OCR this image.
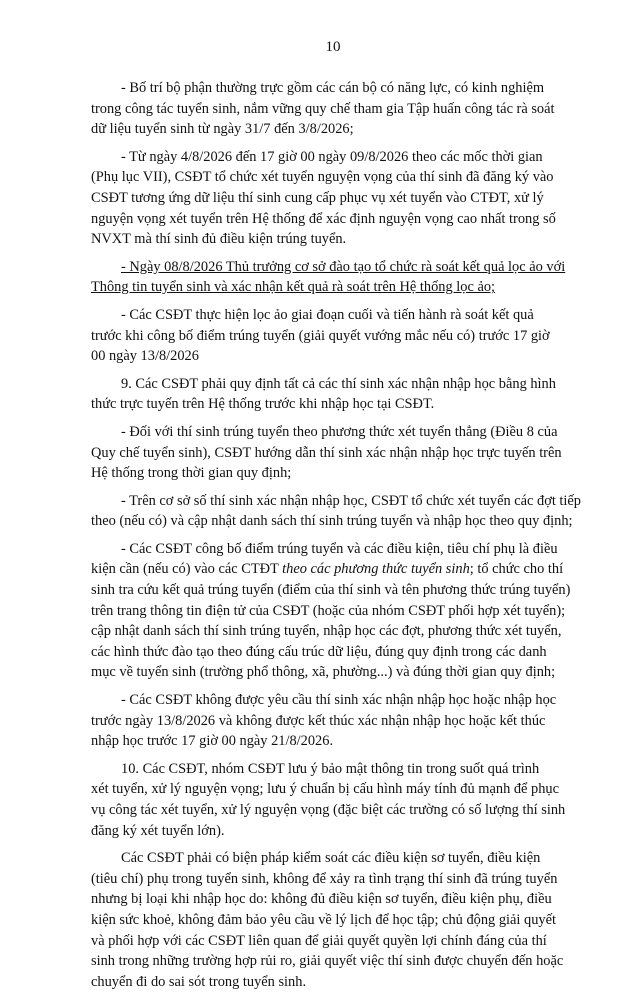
10

- Bố trí bộ phận thường trực gồm các cán bộ có năng lực, có kinh nghiệm
trong công tác tuyển sinh, nắm vững quy chế tham gia Tập huấn công tác rà soát
dữ liệu tuyển sinh từ ngày 31/7 đến 3/8/2026;

- Từ ngày 4/8/2026 đến 17 giờ 00 ngày 09/8/2026 theo các mốc thời gian
(Phụ lục VII), CSĐT tổ chức xét tuyển nguyện vọng của thí sinh đã đăng ký vào
CSĐT tương ứng dữ liệu thí sinh cung cấp phục vụ xét tuyển vào CTĐT, xử lý
nguyện vọng xét tuyển trên Hệ thống để xác định nguyện vọng cao nhất trong số
NVXT mà thí sinh đủ điều kiện trúng tuyển.

- Ngày 08/8/2026 Thủ trưởng cơ sở đào tạo tổ chức rà soát kết quả lọc ảo với
Thông tin tuyển sinh và xác nhận kết quả rà soát trên Hệ thống lọc ảo;

- Các CSĐT thực hiện lọc ảo giai đoạn cuối và tiến hành rà soát kết quả
trước khi công bố điểm trúng tuyển (giải quyết vướng mắc nếu có) trước 17 giờ
00 ngày 13/8/2026

9. Các CSĐT phải quy định tất cả các thí sinh xác nhận nhập học bằng hình
thức trực tuyến trên Hệ thống trước khi nhập học tại CSĐT.

- Đối với thí sinh trúng tuyển theo phương thức xét tuyển thẳng (Điều 8 của
Quy chế tuyển sinh), CSĐT hướng dẫn thí sinh xác nhận nhập học trực tuyến trên
Hệ thống trong thời gian quy định;

- Trên cơ sở số thí sinh xác nhận nhập học, CSĐT tổ chức xét tuyển các đợt tiếp
theo (nếu có) và cập nhật danh sách thí sinh trúng tuyển và nhập học theo quy định;

- Các CSĐT công bố điểm trúng tuyển và các điều kiện, tiêu chí phụ là điều
kiện cần (nếu có) vào các CTĐT theo các phương thức tuyển sinh; tổ chức cho thí
sinh tra cứu kết quả trúng tuyển (điểm của thí sinh và tên phương thức trúng tuyển)
trên trang thông tin điện tử của CSĐT (hoặc của nhóm CSĐT phối hợp xét tuyển);
cập nhật danh sách thí sinh trúng tuyển, nhập học các đợt, phương thức xét tuyển,
các hình thức đào tạo theo đúng cấu trúc dữ liệu, đúng quy định trong các danh
mục về tuyển sinh (trường phổ thông, xã, phường...) và đúng thời gian quy định;

- Các CSĐT không được yêu cầu thí sinh xác nhận nhập học hoặc nhập học
trước ngày 13/8/2026 và không được kết thúc xác nhận nhập học hoặc kết thúc
nhập học trước 17 giờ 00 ngày 21/8/2026.

10. Các CSĐT, nhóm CSĐT lưu ý bảo mật thông tin trong suốt quá trình
xét tuyển, xử lý nguyện vọng; lưu ý chuẩn bị cấu hình máy tính đủ mạnh để phục
vụ công tác xét tuyển, xử lý nguyện vọng (đặc biệt các trường có số lượng thí sinh
đăng ký xét tuyển lớn).

Các CSĐT phải có biện pháp kiểm soát các điều kiện sơ tuyển, điều kiện
(tiêu chí) phụ trong tuyển sinh, không để xảy ra tình trạng thí sinh đã trúng tuyển
nhưng bị loại khi nhập học do: không đủ điều kiện sơ tuyển, điều kiện phụ, điều
kiện sức khoẻ, không đảm bảo yêu cầu về lý lịch để học tập; chủ động giải quyết
và phối hợp với các CSĐT liên quan để giải quyết quyền lợi chính đáng của thí
sinh trong những trường hợp rủi ro, giải quyết việc thí sinh được chuyển đến hoặc
chuyển đi do sai sót trong tuyển sinh.
